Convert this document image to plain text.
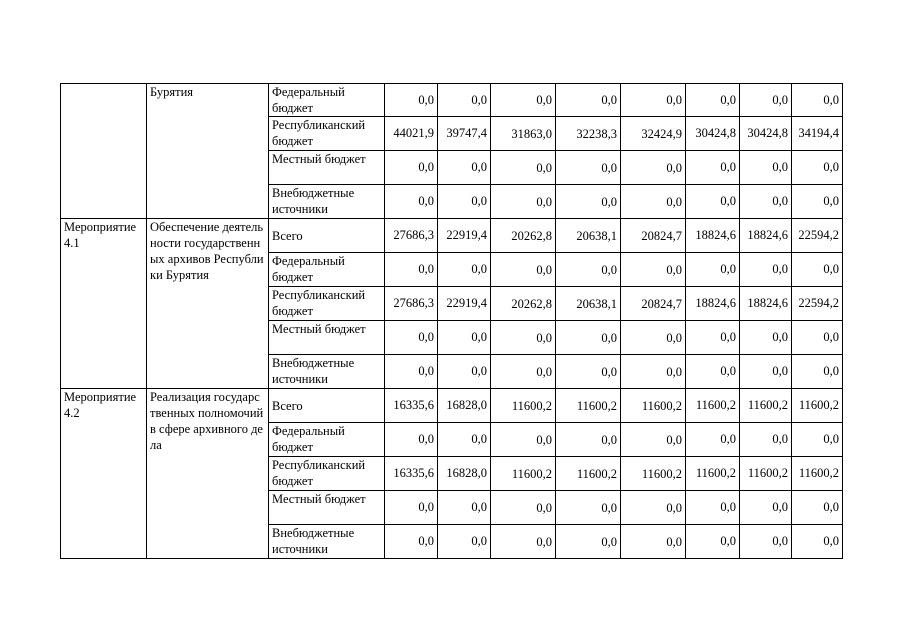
	Бурятия	Федеральный бюджет	0,0	0,0	0,0	0,0	0,0	0,0	0,0	0,0
		Республиканский бюджет	44021,9	39747,4	31863,0	32238,3	32424,9	30424,8	30424,8	34194,4
		Местный бюджет	0,0	0,0	0,0	0,0	0,0	0,0	0,0	0,0
		Внебюджетные источники	0,0	0,0	0,0	0,0	0,0	0,0	0,0	0,0
Мероприятие 4.1	Обеспечение деятельности государственных архивов Республики Бурятия	Всего	27686,3	22919,4	20262,8	20638,1	20824,7	18824,6	18824,6	22594,2
		Федеральный бюджет	0,0	0,0	0,0	0,0	0,0	0,0	0,0	0,0
		Республиканский бюджет	27686,3	22919,4	20262,8	20638,1	20824,7	18824,6	18824,6	22594,2
		Местный бюджет	0,0	0,0	0,0	0,0	0,0	0,0	0,0	0,0
		Внебюджетные источники	0,0	0,0	0,0	0,0	0,0	0,0	0,0	0,0
Мероприятие 4.2	Реализация государственных полномочий в сфере архивного дела	Всего	16335,6	16828,0	11600,2	11600,2	11600,2	11600,2	11600,2	11600,2
		Федеральный бюджет	0,0	0,0	0,0	0,0	0,0	0,0	0,0	0,0
		Республиканский бюджет	16335,6	16828,0	11600,2	11600,2	11600,2	11600,2	11600,2	11600,2
		Местный бюджет	0,0	0,0	0,0	0,0	0,0	0,0	0,0	0,0
		Внебюджетные источники	0,0	0,0	0,0	0,0	0,0	0,0	0,0	0,0
